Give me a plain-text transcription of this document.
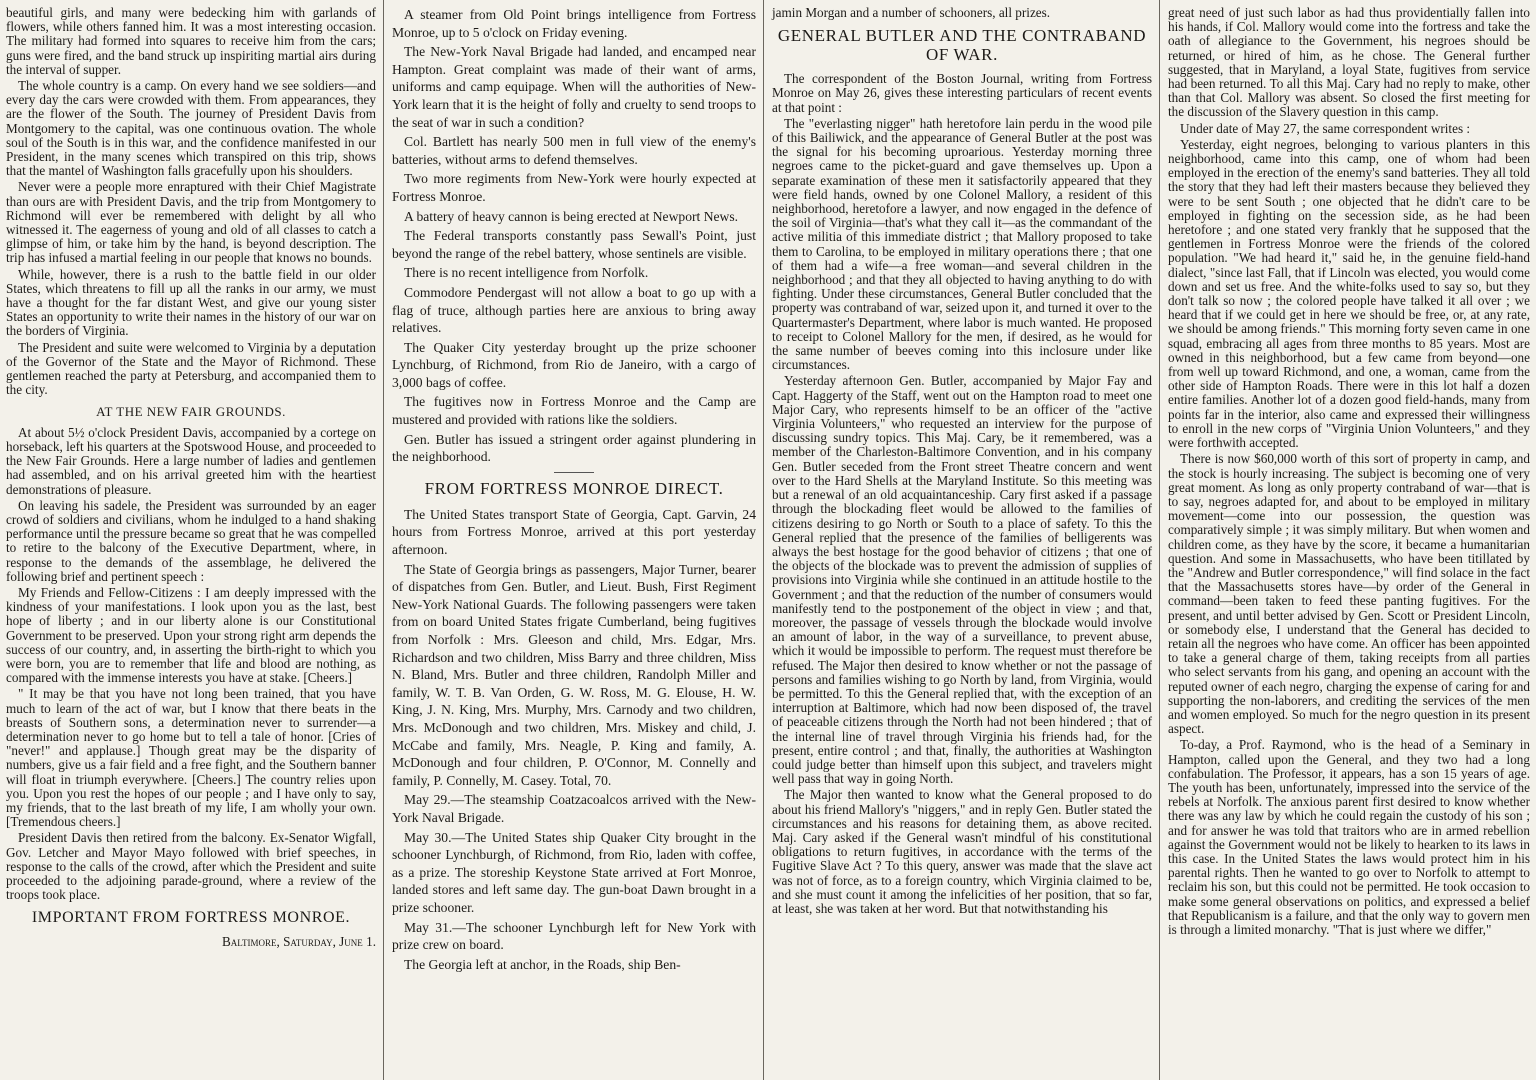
beautiful girls, and many were bedecking him with garlands of flowers, while others fanned him. It was a most interesting occasion. The military had formed into squares to receive him from the cars; guns were fired, and the band struck up inspiriting martial airs during the interval of supper.

The whole country is a camp. On every hand we see soldiers—and every day the cars were crowded with them. From appearances, they are the flower of the South. The journey of President Davis from Montgomery to the capital, was one continuous ovation. The whole soul of the South is in this war, and the confidence manifested in our President, in the many scenes which transpired on this trip, shows that the mantel of Washington falls gracefully upon his shoulders.

Never were a people more enraptured with their Chief Magistrate than ours are with President Davis, and the trip from Montgomery to Richmond will ever be remembered with delight by all who witnessed it. The eagerness of young and old of all classes to catch a glimpse of him, or take him by the hand, is beyond description. The trip has infused a martial feeling in our people that knows no bounds.

While, however, there is a rush to the battle field in our older States, which threatens to fill up all the ranks in our army, we must have a thought for the far distant West, and give our young sister States an opportunity to write their names in the history of our war on the borders of Virginia.

The President and suite were welcomed to Virginia by a deputation of the Governor of the State and the Mayor of Richmond. These gentlemen reached the party at Petersburg, and accompanied them to the city.

AT THE NEW FAIR GROUNDS.

At about 5½ o'clock President Davis, accompanied by a cortege on horseback, left his quarters at the Spotswood House, and proceeded to the New Fair Grounds. Here a large number of ladies and gentlemen had assembled, and on his arrival greeted him with the heartiest demonstrations of pleasure.

On leaving his sadele, the President was surrounded by an eager crowd of soldiers and civilians, whom he indulged to a hand shaking performance until the pressure became so great that he was compelled to retire to the balcony of the Executive Department, where, in response to the demands of the assemblage, he delivered the following brief and pertinent speech :

My Friends and Fellow-Citizens : I am deeply impressed with the kindness of your manifestations. I look upon you as the last, best hope of liberty ; and in our liberty alone is our Constitutional Government to be preserved. Upon your strong right arm depends the success of our country, and, in asserting the birth-right to which you were born, you are to remember that life and blood are nothing, as compared with the immense interests you have at stake. [Cheers.]

" It may be that you have not long been trained, that you have much to learn of the act of war, but I know that there beats in the breasts of Southern sons, a determination never to surrender—a determination never to go home but to tell a tale of honor. [Cries of "never!" and applause.] Though great may be the disparity of numbers, give us a fair field and a free fight, and the Southern banner will float in triumph everywhere. [Cheers.] The country relies upon you. Upon you rest the hopes of our people ; and I have only to say, my friends, that to the last breath of my life, I am wholly your own. [Tremendous cheers.]

President Davis then retired from the balcony. Ex-Senator Wigfall, Gov. Letcher and Mayor Mayo followed with brief speeches, in response to the calls of the crowd, after which the President and suite proceeded to the adjoining parade-ground, where a review of the troops took place.

IMPORTANT FROM FORTRESS MONROE.

Baltimore, Saturday, June 1.

A steamer from Old Point brings intelligence from Fortress Monroe, up to 5 o'clock on Friday evening.

The New-York Naval Brigade had landed, and encamped near Hampton. Great complaint was made of their want of arms, uniforms and camp equipage. When will the authorities of New-York learn that it is the height of folly and cruelty to send troops to the seat of war in such a condition?

Col. Bartlett has nearly 500 men in full view of the enemy's batteries, without arms to defend themselves.

Two more regiments from New-York were hourly expected at Fortress Monroe.

A battery of heavy cannon is being erected at Newport News.

The Federal transports constantly pass Sewall's Point, just beyond the range of the rebel battery, whose sentinels are visible.

There is no recent intelligence from Norfolk.

Commodore Pendergast will not allow a boat to go up with a flag of truce, although parties here are anxious to bring away relatives.

The Quaker City yesterday brought up the prize schooner Lynchburg, of Richmond, from Rio de Janeiro, with a cargo of 3,000 bags of coffee.

The fugitives now in Fortress Monroe and the Camp are mustered and provided with rations like the soldiers.

Gen. Butler has issued a stringent order against plundering in the neighborhood.

FROM FORTRESS MONROE DIRECT.

The United States transport State of Georgia, Capt. Garvin, 24 hours from Fortress Monroe, arrived at this port yesterday afternoon.

The State of Georgia brings as passengers, Major Turner, bearer of dispatches from Gen. Butler, and Lieut. Bush, First Regiment New-York National Guards. The following passengers were taken from on board United States frigate Cumberland, being fugitives from Norfolk : Mrs. Gleeson and child, Mrs. Edgar, Mrs. Richardson and two children, Miss Barry and three children, Miss N. Bland, Mrs. Butler and three children, Randolph Miller and family, W. T. B. Van Orden, G. W. Ross, M. G. Elouse, H. W. King, J. N. King, Mrs. Murphy, Mrs. Carnody and two children, Mrs. McDonough and two children, Mrs. Miskey and child, J. McCabe and family, Mrs. Neagle, P. King and family, A. McDonough and four children, P. O'Connor, M. Connelly and family, P. Connelly, M. Casey. Total, 70.

May 29.—The steamship Coatzacoalcos arrived with the New-York Naval Brigade.

May 30.—The United States ship Quaker City brought in the schooner Lynchburgh, of Richmond, from Rio, laden with coffee, as a prize. The storeship Keystone State arrived at Fort Monroe, landed stores and left same day. The gun-boat Dawn brought in a prize schooner.

May 31.—The schooner Lynchburgh left for New York with prize crew on board.

The Georgia left at anchor, in the Roads, ship Ben-

jamin Morgan and a number of schooners, all prizes.

GENERAL BUTLER AND THE CONTRABAND OF WAR.

The correspondent of the Boston Journal, writing from Fortress Monroe on May 26, gives these interesting particulars of recent events at that point :

The "everlasting nigger" hath heretofore lain perdu in the wood pile of this Bailiwick, and the appearance of General Butler at the post was the signal for his becoming uproarious. Yesterday morning three negroes came to the picket-guard and gave themselves up. Upon a separate examination of these men it satisfactorily appeared that they were field hands, owned by one Colonel Mallory, a resident of this neighborhood, heretofore a lawyer, and now engaged in the defence of the soil of Virginia—that's what they call it—as the commandant of the active militia of this immediate district ; that Mallory proposed to take them to Carolina, to be employed in military operations there ; that one of them had a wife—a free woman—and several children in the neighborhood ; and that they all objected to having anything to do with fighting. Under these circumstances, General Butler concluded that the property was contraband of war, seized upon it, and turned it over to the Quartermaster's Department, where labor is much wanted. He proposed to receipt to Colonel Mallory for the men, if desired, as he would for the same number of beeves coming into this inclosure under like circumstances.

Yesterday afternoon Gen. Butler, accompanied by Major Fay and Capt. Haggerty of the Staff, went out on the Hampton road to meet one Major Cary, who represents himself to be an officer of the "active Virginia Volunteers," who requested an interview for the purpose of discussing sundry topics. This Maj. Cary, be it remembered, was a member of the Charleston-Baltimore Convention, and in his company Gen. Butler seceded from the Front street Theatre concern and went over to the Hard Shells at the Maryland Institute. So this meeting was but a renewal of an old acquaintanceship. Cary first asked if a passage through the blockading fleet would be allowed to the families of citizens desiring to go North or South to a place of safety. To this the General replied that the presence of the families of belligerents was always the best hostage for the good behavior of citizens ; that one of the objects of the blockade was to prevent the admission of supplies of provisions into Virginia while she continued in an attitude hostile to the Government ; and that the reduction of the number of consumers would manifestly tend to the postponement of the object in view ; and that, moreover, the passage of vessels through the blockade would involve an amount of labor, in the way of a surveillance, to prevent abuse, which it would be impossible to perform. The request must therefore be refused. The Major then desired to know whether or not the passage of persons and families wishing to go North by land, from Virginia, would be permitted. To this the General replied that, with the exception of an interruption at Baltimore, which had now been disposed of, the travel of peaceable citizens through the North had not been hindered ; that of the internal line of travel through Virginia his friends had, for the present, entire control ; and that, finally, the authorities at Washington could judge better than himself upon this subject, and travelers might well pass that way in going North.

The Major then wanted to know what the General proposed to do about his friend Mallory's "niggers," and in reply Gen. Butler stated the circumstances and his reasons for detaining them, as above recited. Maj. Cary asked if the General wasn't mindful of his constitutional obligations to return fugitives, in accordance with the terms of the Fugitive Slave Act ? To this query, answer was made that the slave act was not of force, as to a foreign country, which Virginia claimed to be, and she must count it among the infelicities of her position, that so far, at least, she was taken at her word. But that notwithstanding his

great need of just such labor as had thus providentially fallen into his hands, if Col. Mallory would come into the fortress and take the oath of allegiance to the Government, his negroes should be returned, or hired of him, as he chose. The General further suggested, that in Maryland, a loyal State, fugitives from service had been returned. To all this Maj. Cary had no reply to make, other than that Col. Mallory was absent. So closed the first meeting for the discussion of the Slavery question in this camp.

Under date of May 27, the same correspondent writes :

Yesterday, eight negroes, belonging to various planters in this neighborhood, came into this camp, one of whom had been employed in the erection of the enemy's sand batteries. They all told the story that they had left their masters because they believed they were to be sent South ; one objected that he didn't care to be employed in fighting on the secession side, as he had been heretofore ; and one stated very frankly that he supposed that the gentlemen in Fortress Monroe were the friends of the colored population. "We had heard it," said he, in the genuine field-hand dialect, "since last Fall, that if Lincoln was elected, you would come down and set us free. And the white-folks used to say so, but they don't talk so now ; the colored people have talked it all over ; we heard that if we could get in here we should be free, or, at any rate, we should be among friends." This morning forty seven came in one squad, embracing all ages from three months to 85 years. Most are owned in this neighborhood, but a few came from beyond—one from well up toward Richmond, and one, a woman, came from the other side of Hampton Roads. There were in this lot half a dozen entire families. Another lot of a dozen good field-hands, many from points far in the interior, also came and expressed their willingness to enroll in the new corps of "Virginia Union Volunteers," and they were forthwith accepted.

There is now $60,000 worth of this sort of property in camp, and the stock is hourly increasing. The subject is becoming one of very great moment. As long as only property contraband of war—that is to say, negroes adapted for, and about to be employed in military movement—come into our possession, the question was comparatively simple ; it was simply military. But when women and children come, as they have by the score, it became a humanitarian question. And some in Massachusetts, who have been titillated by the "Andrew and Butler correspondence," will find solace in the fact that the Massachusetts stores have—by order of the General in command—been taken to feed these panting fugitives. For the present, and until better advised by Gen. Scott or President Lincoln, or somebody else, I understand that the General has decided to retain all the negroes who have come. An officer has been appointed to take a general charge of them, taking receipts from all parties who select servants from his gang, and opening an account with the reputed owner of each negro, charging the expense of caring for and supporting the non-laborers, and crediting the services of the men and women employed. So much for the negro question in its present aspect.

To-day, a Prof. Raymond, who is the head of a Seminary in Hampton, called upon the General, and they two had a long confabulation. The Professor, it appears, has a son 15 years of age. The youth has been, unfortunately, impressed into the service of the rebels at Norfolk. The anxious parent first desired to know whether there was any law by which he could regain the custody of his son ; and for answer he was told that traitors who are in armed rebellion against the Government would not be likely to hearken to its laws in this case. In the United States the laws would protect him in his parental rights. Then he wanted to go over to Norfolk to attempt to reclaim his son, but this could not be permitted. He took occasion to make some general observations on politics, and expressed a belief that Republicanism is a failure, and that the only way to govern men is through a limited monarchy. "That is just where we differ,"
